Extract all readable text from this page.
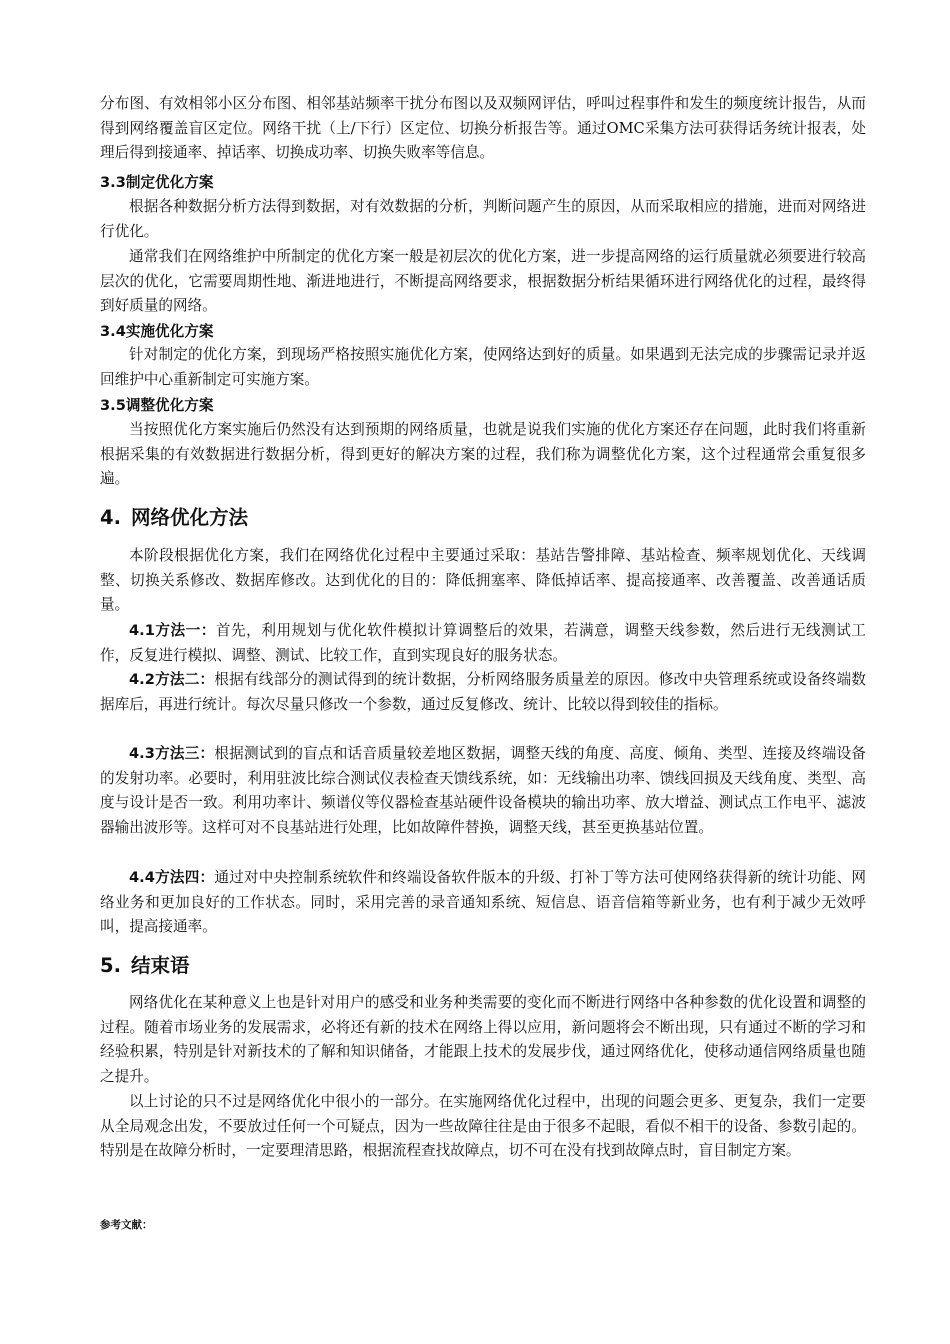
分布图、有效相邻小区分布图、相邻基站频率干扰分布图以及双频网评估，呼叫过程事件和发生的频度统计报告，从而得到网络覆盖盲区定位。网络干扰（上/下行）区定位、切换分析报告等。通过OMC采集方法可获得话务统计报表，处理后得到接通率、掉话率、切换成功率、切换失败率等信息。

3.3制定优化方案

根据各种数据分析方法得到数据，对有效数据的分析，判断问题产生的原因，从而采取相应的措施，进而对网络进行优化。

通常我们在网络维护中所制定的优化方案一般是初层次的优化方案，进一步提高网络的运行质量就必须要进行较高层次的优化，它需要周期性地、渐进地进行，不断提高网络要求，根据数据分析结果循环进行网络优化的过程，最终得到好质量的网络。

3.4实施优化方案

针对制定的优化方案，到现场严格按照实施优化方案，使网络达到好的质量。如果遇到无法完成的步骤需记录并返回维护中心重新制定可实施方案。

3.5调整优化方案

当按照优化方案实施后仍然没有达到预期的网络质量，也就是说我们实施的优化方案还存在问题，此时我们将重新根据采集的有效数据进行数据分析，得到更好的解决方案的过程，我们称为调整优化方案，这个过程通常会重复很多遍。

4. 网络优化方法

本阶段根据优化方案，我们在网络优化过程中主要通过采取：基站告警排障、基站检查、频率规划优化、天线调整、切换关系修改、数据库修改。达到优化的目的：降低拥塞率、降低掉话率、提高接通率、改善覆盖、改善通话质量。

4.1方法一：首先，利用规划与优化软件模拟计算调整后的效果，若满意，调整天线参数，然后进行无线测试工作，反复进行模拟、调整、测试、比较工作，直到实现良好的服务状态。

4.2方法二：根据有线部分的测试得到的统计数据，分析网络服务质量差的原因。修改中央管理系统或设备终端数据库后，再进行统计。每次尽量只修改一个参数，通过反复修改、统计、比较以得到较佳的指标。

4.3方法三：根据测试到的盲点和话音质量较差地区数据，调整天线的角度、高度、倾角、类型、连接及终端设备的发射功率。必要时，利用驻波比综合测试仪表检查天馈线系统，如：无线输出功率、馈线回损及天线角度、类型、高度与设计是否一致。利用功率计、频谱仪等仪器检查基站硬件设备模块的输出功率、放大增益、测试点工作电平、滤波器输出波形等。这样可对不良基站进行处理，比如故障件替换，调整天线，甚至更换基站位置。

4.4方法四：通过对中央控制系统软件和终端设备软件版本的升级、打补丁等方法可使网络获得新的统计功能、网络业务和更加良好的工作状态。同时，采用完善的录音通知系统、短信息、语音信箱等新业务，也有利于减少无效呼叫，提高接通率。

5. 结束语

网络优化在某种意义上也是针对用户的感受和业务种类需要的变化而不断进行网络中各种参数的优化设置和调整的过程。随着市场业务的发展需求，必将还有新的技术在网络上得以应用，新问题将会不断出现，只有通过不断的学习和经验积累，特别是针对新技术的了解和知识储备，才能跟上技术的发展步伐，通过网络优化，使移动通信网络质量也随之提升。

以上讨论的只不过是网络优化中很小的一部分。在实施网络优化过程中，出现的问题会更多、更复杂，我们一定要从全局观念出发，不要放过任何一个可疑点，因为一些故障往往是由于很多不起眼，看似不相干的设备、参数引起的。特别是在故障分析时，一定要理清思路，根据流程查找故障点，切不可在没有找到故障点时，盲目制定方案。

参考文献：
